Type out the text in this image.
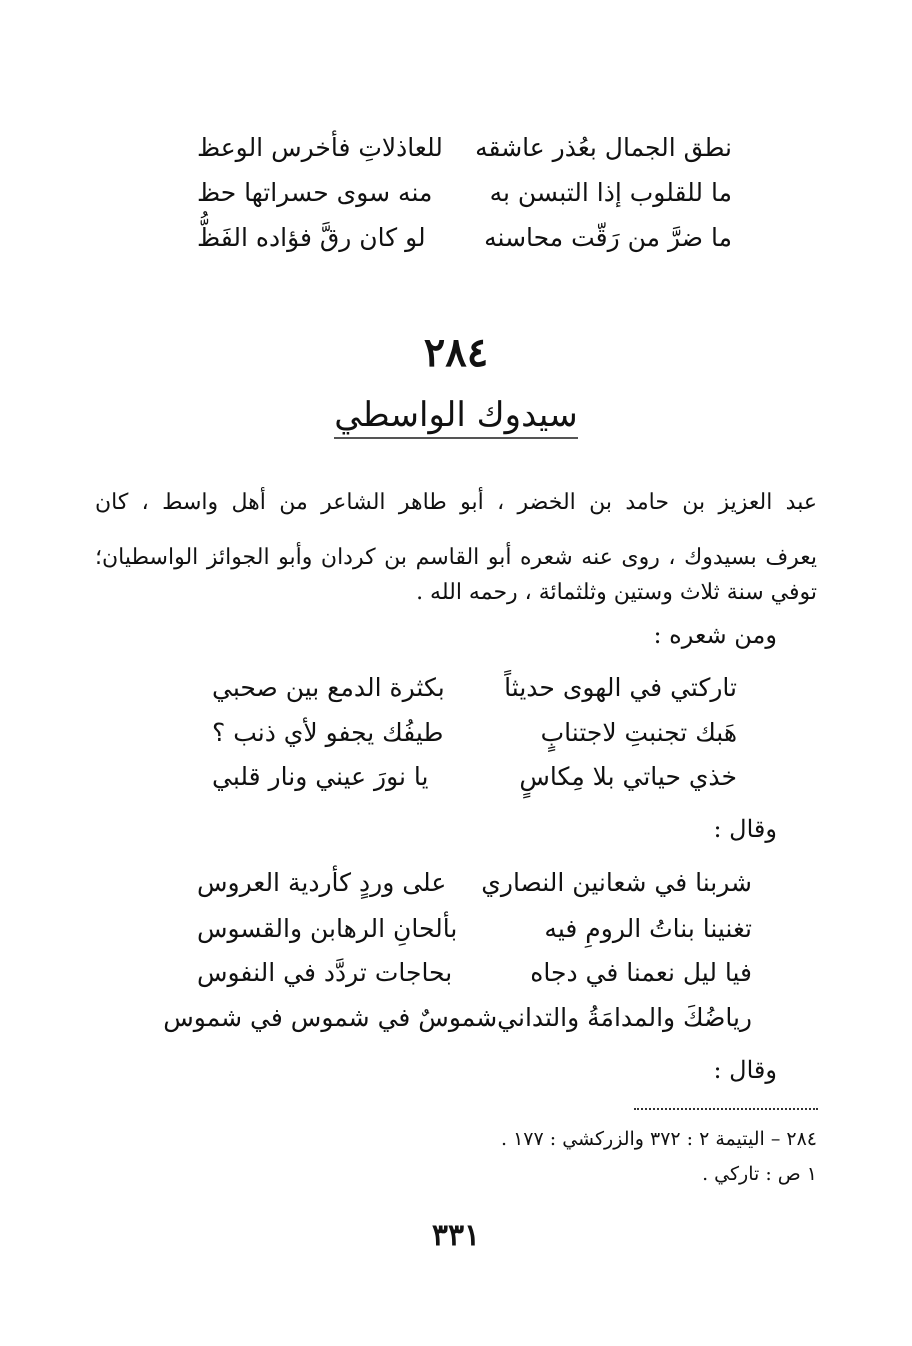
نطق الجمال بعُذر عاشقه
للعاذلاتِ فأخرس الوعظ
ما للقلوب إذا التبسن به
منه سوى حسراتها حظ
ما ضرَّ من رَقّت محاسنه
لو كان رقَّ فؤاده الفَظُّ
٢٨٤
سيدوك الواسطي
عبد العزيز بن حامد بن الخضر ، أبو طاهر الشاعر من أهل واسط ، كان
يعرف بسيدوك ، روى عنه شعره أبو القاسم بن كردان وأبو الجوائز الواسطيان؛
توفي سنة ثلاث وستين وثلثمائة ، رحمه الله .
ومن شعره :
تاركتي في الهوى حديثاً
بكثرة الدمع بين صحبي
هَبك تجنبتِ لاجتنابٍ
طيفُك يجفو لأي ذنب ؟
خذي حياتي بلا مِكاسٍ
يا نورَ عيني ونار قلبي
وقال :
شربنا في شعانين النصاري
على وردٍ كأردية العروس
تغنينا بناتُ الرومِ فيه
بألحانِ الرهابن والقسوس
فيا ليل نعمنا في دجاه
بحاجات تردَّد في النفوس
رياضُكَ والمدامَةُ والتداني
شموسٌ في شموس في شموس
وقال :
٢٨٤ – اليتيمة ٢ : ٣٧٢ والزركشي : ١٧٧ .
١ ص : تاركي .
٣٣١
